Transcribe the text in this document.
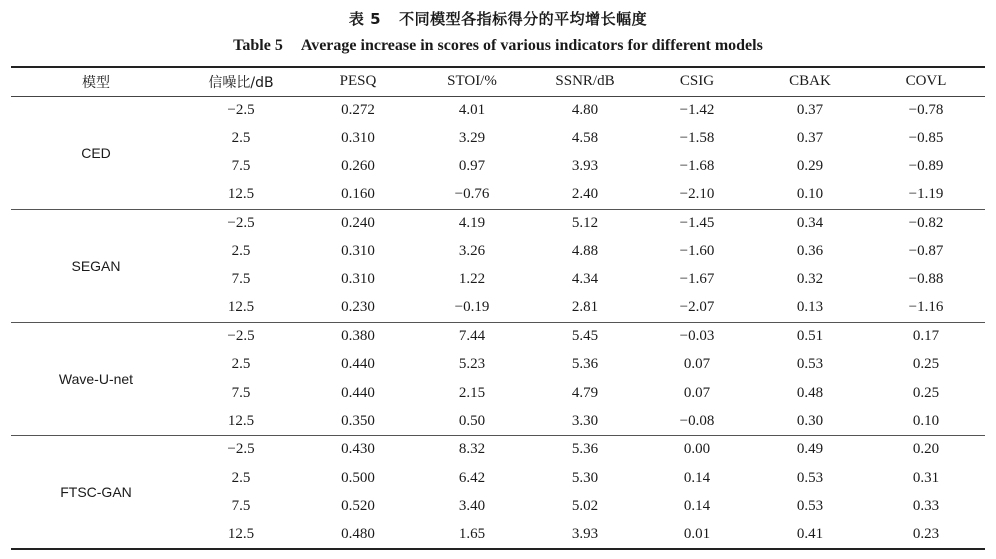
表 5 不同模型各指标得分的平均增长幅度
Table 5 Average increase in scores of various indicators for different models
模型	信噪比/dB	PESQ	STOI/%	SSNR/dB	CSIG	CBAK	COVL
CED	−2.5	0.272	4.01	4.80	−1.42	0.37	−0.78
	2.5	0.310	3.29	4.58	−1.58	0.37	−0.85
	7.5	0.260	0.97	3.93	−1.68	0.29	−0.89
	12.5	0.160	−0.76	2.40	−2.10	0.10	−1.19
SEGAN	−2.5	0.240	4.19	5.12	−1.45	0.34	−0.82
	2.5	0.310	3.26	4.88	−1.60	0.36	−0.87
	7.5	0.310	1.22	4.34	−1.67	0.32	−0.88
	12.5	0.230	−0.19	2.81	−2.07	0.13	−1.16
Wave-U-net	−2.5	0.380	7.44	5.45	−0.03	0.51	0.17
	2.5	0.440	5.23	5.36	0.07	0.53	0.25
	7.5	0.440	2.15	4.79	0.07	0.48	0.25
	12.5	0.350	0.50	3.30	−0.08	0.30	0.10
FTSC-GAN	−2.5	0.430	8.32	5.36	0.00	0.49	0.20
	2.5	0.500	6.42	5.30	0.14	0.53	0.31
	7.5	0.520	3.40	5.02	0.14	0.53	0.33
	12.5	0.480	1.65	3.93	0.01	0.41	0.23
